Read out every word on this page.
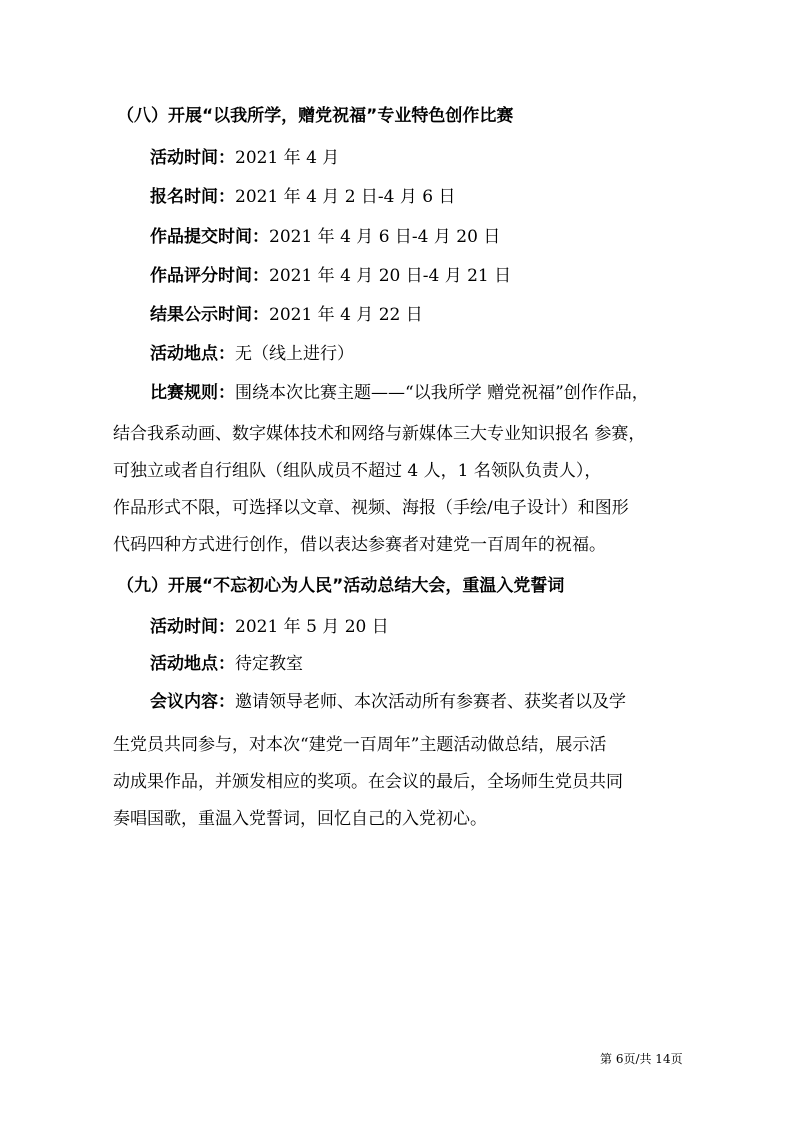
（八）开展“以我所学，赠党祝福”专业特色创作比赛
活动时间：2021 年 4 月
报名时间：2021 年 4 月 2 日-4 月 6 日
作品提交时间：2021 年 4 月 6 日-4 月 20 日
作品评分时间：2021 年 4 月 20 日-4 月 21 日
结果公示时间：2021 年 4 月 22 日
活动地点：无（线上进行）
比赛规则：围绕本次比赛主题——“以我所学 赠党祝福”创作作品，
结合我系动画、数字媒体技术和网络与新媒体三大专业知识报名 参赛，
可独立或者自行组队（组队成员不超过 4 人，1 名领队负责人），
作品形式不限，可选择以文章、视频、海报（手绘/电子设计）和图形
代码四种方式进行创作，借以表达参赛者对建党一百周年的祝福。
（九）开展“不忘初心为人民”活动总结大会，重温入党誓词
活动时间：2021 年 5 月 20 日
活动地点：待定教室
会议内容：邀请领导老师、本次活动所有参赛者、获奖者以及学
生党员共同参与，对本次“建党一百周年”主题活动做总结，展示活
动成果作品，并颁发相应的奖项。在会议的最后，全场师生党员共同
奏唱国歌，重温入党誓词，回忆自己的入党初心。
第 6页/共 14页
